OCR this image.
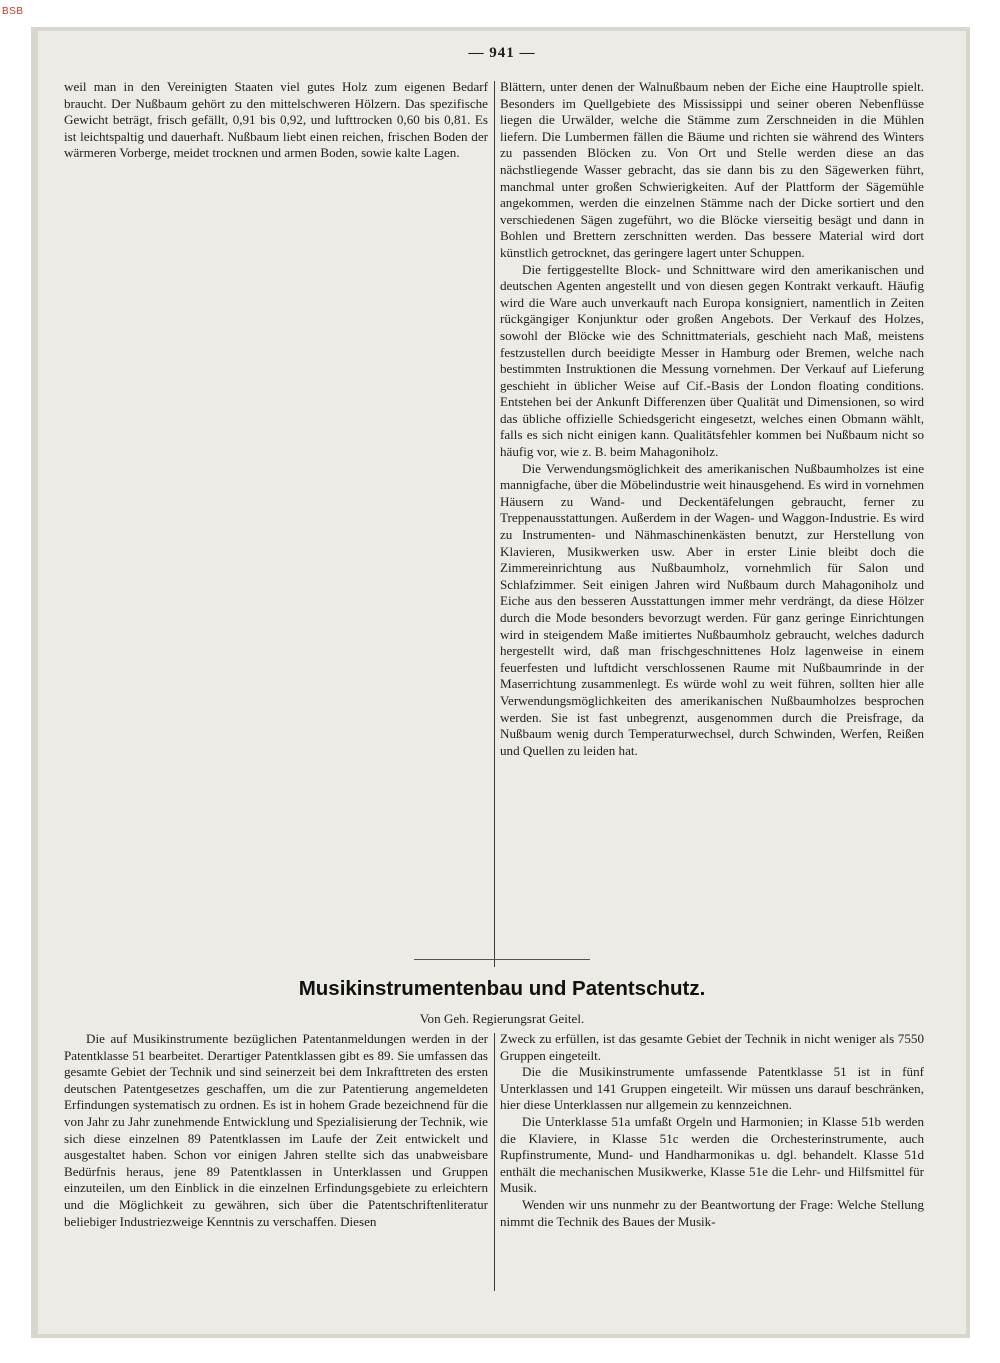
BSB
— 941 —

weil man in den Vereinigten Staaten viel gutes Holz zum eigenen Bedarf braucht. Der Nußbaum gehört zu den mittelschweren Hölzern. Das spezifische Gewicht beträgt, frisch gefällt, 0,91 bis 0,92, und lufttrocken 0,60 bis 0,81. Es ist leichtspaltig und dauerhaft. Nußbaum liebt einen reichen, frischen Boden der wärmeren Vorberge, meidet trocknen und armen Boden, sowie kalte Lagen.

Blättern, unter denen der Walnußbaum neben der Eiche eine Hauptrolle spielt. Besonders im Quellgebiete des Mississippi und seiner oberen Nebenflüsse liegen die Urwälder, welche die Stämme zum Zerschneiden in die Mühlen liefern. Die Lumbermen fällen die Bäume und richten sie während des Winters zu passenden Blöcken zu. Von Ort und Stelle werden diese an das nächstliegende Wasser gebracht, das sie dann bis zu den Sägewerken führt, manchmal unter großen Schwierigkeiten. Auf der Plattform der Sägemühle angekommen, werden die einzelnen Stämme nach der Dicke sortiert und den verschiedenen Sägen zugeführt, wo die Blöcke vierseitig besägt und dann in Bohlen und Brettern zerschnitten werden. Das bessere Material wird dort künstlich getrocknet, das geringere lagert unter Schuppen.

Die fertiggestellte Block- und Schnittware wird den amerikanischen und deutschen Agenten angestellt und von diesen gegen Kontrakt verkauft. Häufig wird die Ware auch unverkauft nach Europa konsigniert, namentlich in Zeiten rückgängiger Konjunktur oder großen Angebots. Der Verkauf des Holzes, sowohl der Blöcke wie des Schnittmaterials, geschieht nach Maß, meistens festzustellen durch beeidigte Messer in Hamburg oder Bremen, welche nach bestimmten Instruktionen die Messung vornehmen. Der Verkauf auf Lieferung geschieht in üblicher Weise auf Cif.-Basis der London floating conditions. Entstehen bei der Ankunft Differenzen über Qualität und Dimensionen, so wird das übliche offizielle Schiedsgericht eingesetzt, welches einen Obmann wählt, falls es sich nicht einigen kann. Qualitätsfehler kommen bei Nußbaum nicht so häufig vor, wie z. B. beim Mahagoniholz.

Die Verwendungsmöglichkeit des amerikanischen Nußbaumholzes ist eine mannigfache, über die Möbelindustrie weit hinausgehend. Es wird in vornehmen Häusern zu Wand- und Deckentäfelungen gebraucht, ferner zu Treppenausstattungen. Außerdem in der Wagen- und Waggon-Industrie. Es wird zu Instrumenten- und Nähmaschinenkästen benutzt, zur Herstellung von Klavieren, Musikwerken usw. Aber in erster Linie bleibt doch die Zimmereinrichtung aus Nußbaumholz, vornehmlich für Salon und Schlafzimmer. Seit einigen Jahren wird Nußbaum durch Mahagoniholz und Eiche aus den besseren Ausstattungen immer mehr verdrängt, da diese Hölzer durch die Mode besonders bevorzugt werden. Für ganz geringe Einrichtungen wird in steigendem Maße imitiertes Nußbaumholz gebraucht, welches dadurch hergestellt wird, daß man frischgeschnittenes Holz lagenweise in einem feuerfesten und luftdicht verschlossenen Raume mit Nußbaumrinde in der Maserrichtung zusammenlegt. Es würde wohl zu weit führen, sollten hier alle Verwendungsmöglichkeiten des amerikanischen Nußbaumholzes besprochen werden. Sie ist fast unbegrenzt, ausgenommen durch die Preisfrage, da Nußbaum wenig durch Temperaturwechsel, durch Schwinden, Werfen, Reißen und Quellen zu leiden hat.

Musikinstrumentenbau und Patentschutz.
Von Geh. Regierungsrat Geitel.

Die auf Musikinstrumente bezüglichen Patentanmeldungen werden in der Patentklasse 51 bearbeitet. Derartiger Patentklassen gibt es 89. Sie umfassen das gesamte Gebiet der Technik und sind seinerzeit bei dem Inkrafttreten des ersten deutschen Patentgesetzes geschaffen, um die zur Patentierung angemeldeten Erfindungen systematisch zu ordnen. Es ist in hohem Grade bezeichnend für die von Jahr zu Jahr zunehmende Entwicklung und Spezialisierung der Technik, wie sich diese einzelnen 89 Patentklassen im Laufe der Zeit entwickelt und ausgestaltet haben. Schon vor einigen Jahren stellte sich das unabweisbare Bedürfnis heraus, jene 89 Patentklassen in Unterklassen und Gruppen einzuteilen, um den Einblick in die einzelnen Erfindungsgebiete zu erleichtern und die Möglichkeit zu gewähren, sich über die Patentschriftenliteratur beliebiger Industriezweige Kenntnis zu verschaffen. Diesen

Zweck zu erfüllen, ist das gesamte Gebiet der Technik in nicht weniger als 7550 Gruppen eingeteilt.

Die die Musikinstrumente umfassende Patentklasse 51 ist in fünf Unterklassen und 141 Gruppen eingeteilt. Wir müssen uns darauf beschränken, hier diese Unterklassen nur allgemein zu kennzeichnen.

Die Unterklasse 51a umfaßt Orgeln und Harmonien; in Klasse 51b werden die Klaviere, in Klasse 51c werden die Orchesterinstrumente, auch Rupfinstrumente, Mund- und Handharmonikas u. dgl. behandelt. Klasse 51d enthält die mechanischen Musikwerke, Klasse 51e die Lehr- und Hilfsmittel für Musik.

Wenden wir uns nunmehr zu der Beantwortung der Frage: Welche Stellung nimmt die Technik des Baues der Musik-
